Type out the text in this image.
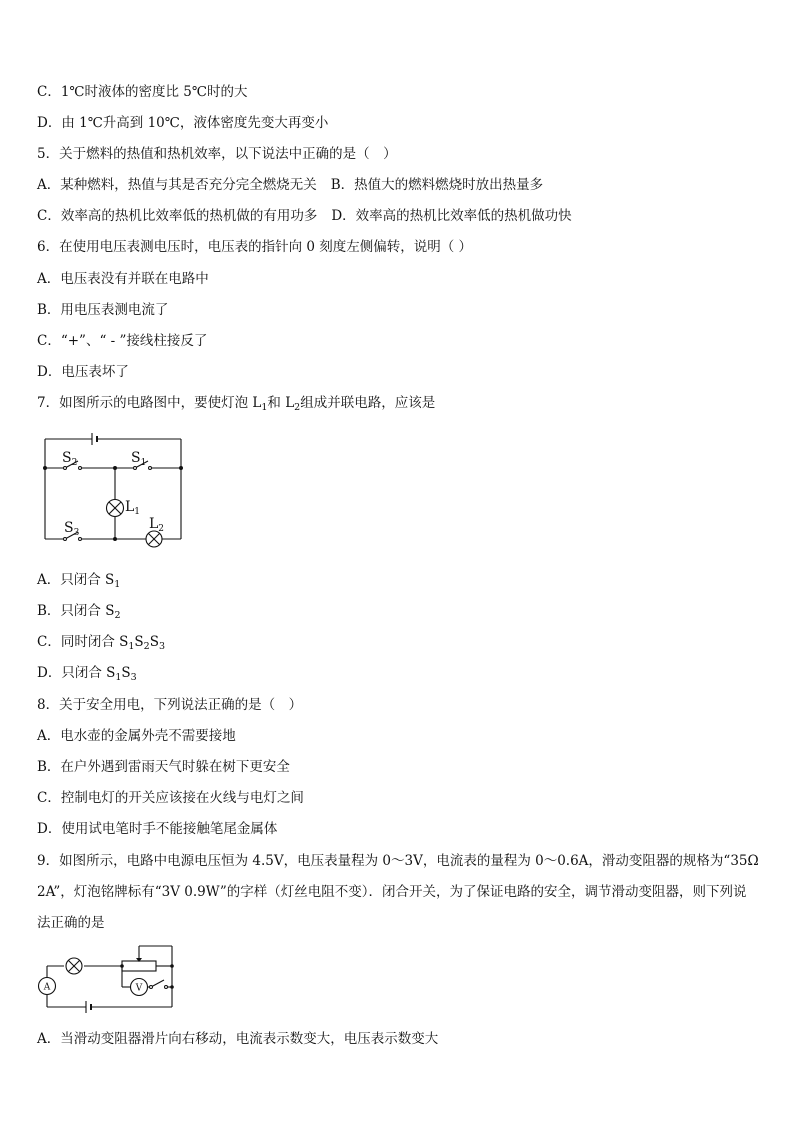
C．1℃时液体的密度比 5℃时的大
D．由 1℃升高到 10℃，液体密度先变大再变小
5．关于燃料的热值和热机效率，以下说法中正确的是（　）
A．某种燃料，热值与其是否充分完全燃烧无关 B．热值大的燃料燃烧时放出热量多
C．效率高的热机比效率低的热机做的有用功多 D．效率高的热机比效率低的热机做功快
6．在使用电压表测电压时，电压表的指针向 0 刻度左侧偏转，说明（ ）
A．电压表没有并联在电路中
B．用电压表测电流了
C．“+”、“ - ”接线柱接反了
D．电压表坏了
7．如图所示的电路图中，要使灯泡 $L_1$和 $L_2$组成并联电路，应该是
$S_2$	$S_1$
$S_3$
$L_1$
$L_2$
A．只闭合 $S_1$
B．只闭合 $S_2$
C．同时闭合 $S_1S_2S_3$
D．只闭合 $S_1S_3$
8．关于安全用电，下列说法正确的是（　）
A．电水壶的金属外壳不需要接地
B．在户外遇到雷雨天气时躲在树下更安全
C．控制电灯的开关应该接在火线与电灯之间
D．使用试电笔时手不能接触笔尾金属体
9．如图所示，电路中电源电压恒为 4.5V，电压表量程为 0～3V，电流表的量程为 0～0.6A，滑动变阻器的规格为“35Ω
2A”，灯泡铭牌标有“3V 0.9W”的字样（灯丝电阻不变）．闭合开关，为了保证电路的安全，调节滑动变阻器，则下列说
法正确的是
A	V
A．当滑动变阻器滑片向右移动，电流表示数变大，电压表示数变大
